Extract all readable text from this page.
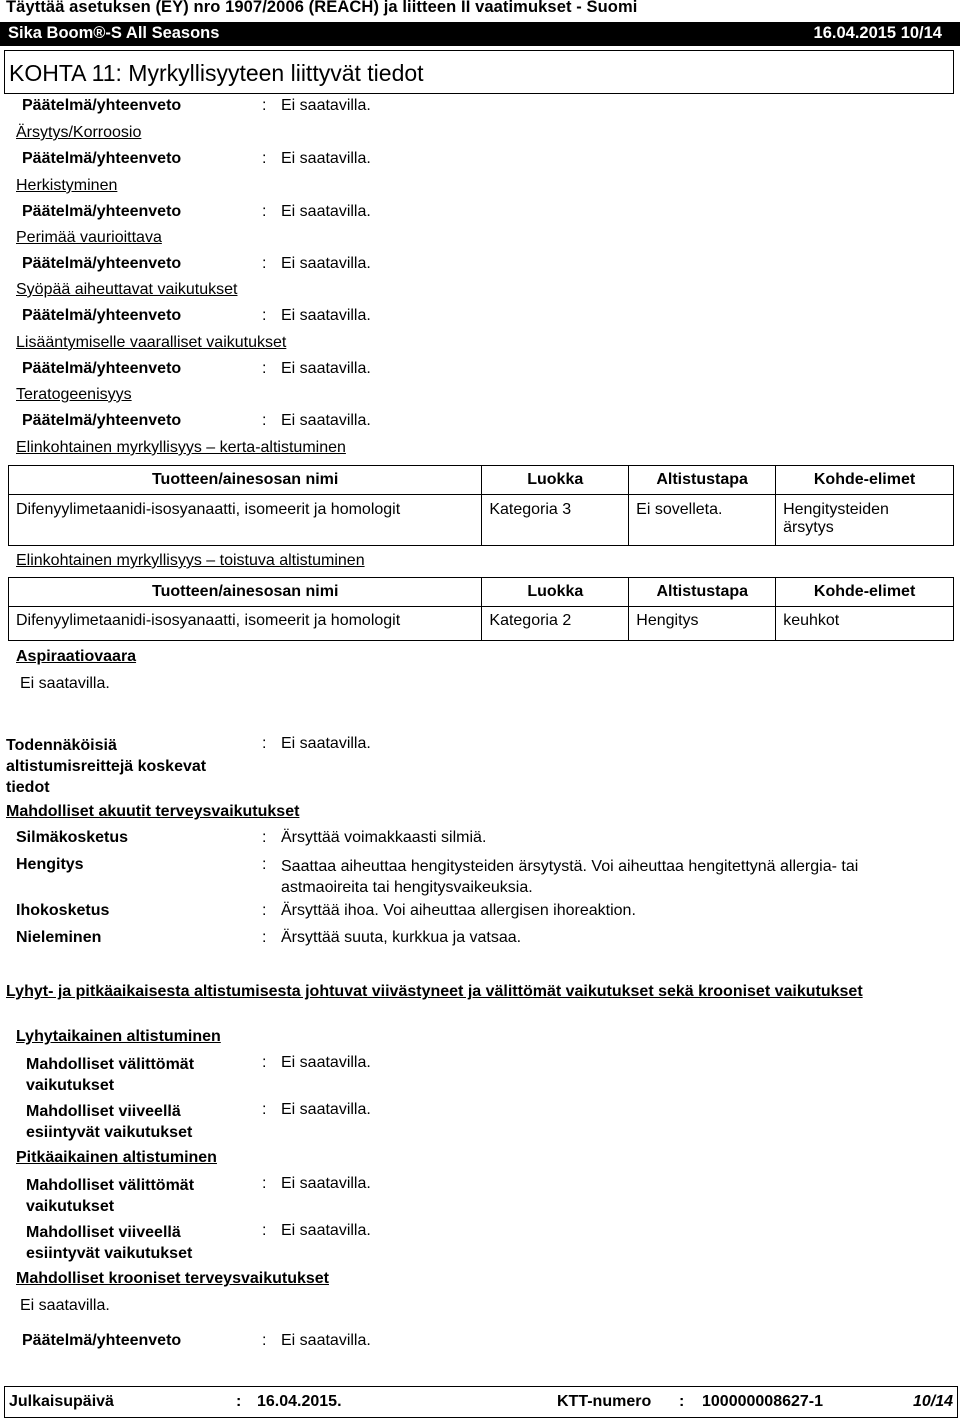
Täyttää asetuksen (EY) nro 1907/2006 (REACH) ja liitteen II vaatimukset - Suomi
Sika Boom®-S All Seasons	16.04.2015 10/14
KOHTA 11: Myrkyllisyyteen liittyvät tiedot
Päätelmä/yhteenveto	: Ei saatavilla.
Ärsytys/Korroosio
Päätelmä/yhteenveto	: Ei saatavilla.
Herkistyminen
Päätelmä/yhteenveto	: Ei saatavilla.
Perimää vaurioittava
Päätelmä/yhteenveto	: Ei saatavilla.
Syöpää aiheuttavat vaikutukset
Päätelmä/yhteenveto	: Ei saatavilla.
Lisääntymiselle vaaralliset vaikutukset
Päätelmä/yhteenveto	: Ei saatavilla.
Teratogeenisyys
Päätelmä/yhteenveto	: Ei saatavilla.
Elinkohtainen myrkyllisyys – kerta-altistuminen
Tuotteen/ainesosan nimi	Luokka	Altistustapa	Kohde-elimet
Difenyylimetaanidi-isosyanaatti, isomeerit ja homologit	Kategoria 3	Ei sovelleta.	Hengitysteiden ärsytys
Elinkohtainen myrkyllisyys – toistuva altistuminen
Tuotteen/ainesosan nimi	Luokka	Altistustapa	Kohde-elimet
Difenyylimetaanidi-isosyanaatti, isomeerit ja homologit	Kategoria 2	Hengitys	keuhkot
Aspiraatiovaara
Ei saatavilla.
Todennäköisiä altistumisreittejä koskevat tiedot
: Ei saatavilla.
Mahdolliset akuutit terveysvaikutukset
Silmäkosketus	: Ärsyttää voimakkaasti silmiä.
Hengitys	: Saattaa aiheuttaa hengitysteiden ärsytystä. Voi aiheuttaa hengitettynä allergia- tai astmaoireita tai hengitysvaikeuksia.
Ihokosketus	: Ärsyttää ihoa. Voi aiheuttaa allergisen ihoreaktion.
Nieleminen	: Ärsyttää suuta, kurkkua ja vatsaa.
Lyhyt- ja pitkäaikaisesta altistumisesta johtuvat viivästyneet ja välittömät vaikutukset sekä krooniset vaikutukset
Lyhytaikainen altistuminen
Mahdolliset välittömät vaikutukset
: Ei saatavilla.
Mahdolliset viiveellä esiintyvät vaikutukset
: Ei saatavilla.
Pitkäaikainen altistuminen
Mahdolliset välittömät vaikutukset
: Ei saatavilla.
Mahdolliset viiveellä esiintyvät vaikutukset
: Ei saatavilla.
Mahdolliset krooniset terveysvaikutukset
Ei saatavilla.
Päätelmä/yhteenveto	: Ei saatavilla.
Julkaisupäivä	: 16.04.2015.	KTT-numero : 100000008627-1	10/14
